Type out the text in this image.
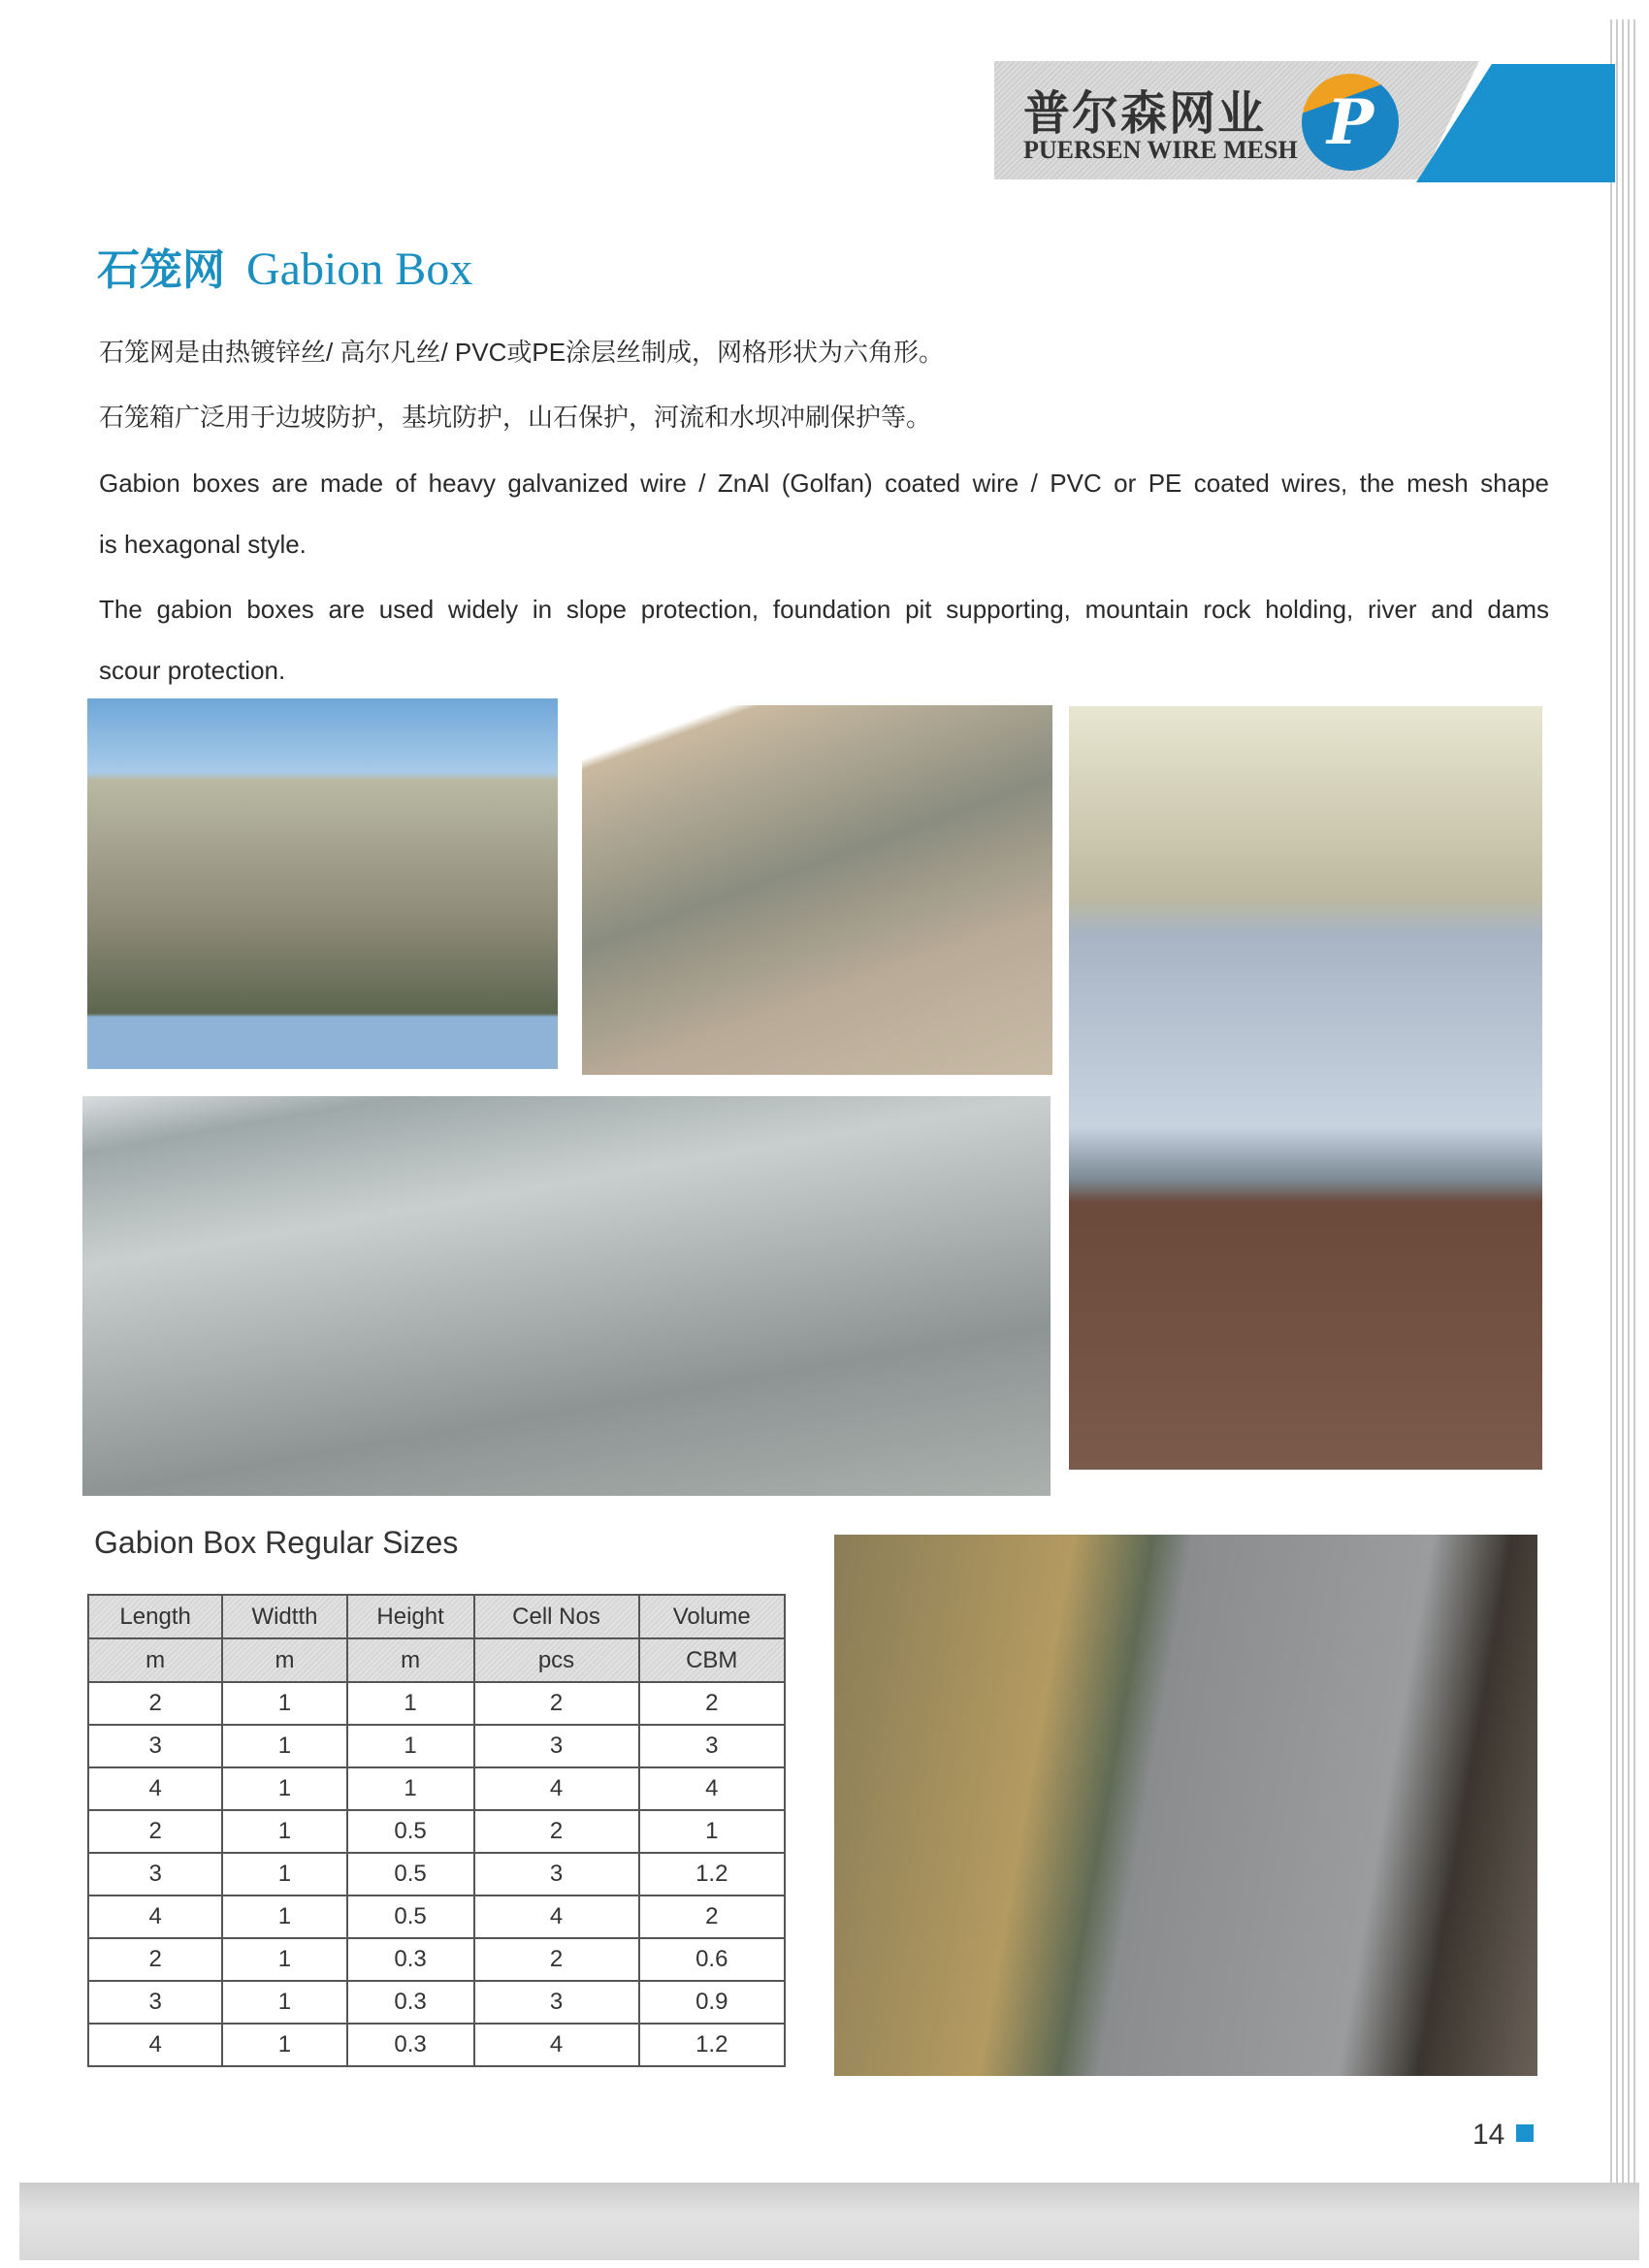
普尔森网业
PUERSEN WIRE MESH P
石笼网 Gabion Box
石笼网是由热镀锌丝/ 高尔凡丝/ PVC或PE涂层丝制成，网格形状为六角形。
石笼箱广泛用于边坡防护，基坑防护，山石保护，河流和水坝冲刷保护等。
Gabion boxes are made of heavy galvanized wire / ZnAl (Golfan) coated wire / PVC or PE coated wires, the mesh shape
is hexagonal style.
The gabion boxes are used widely in slope protection, foundation pit supporting, mountain rock holding, river and dams
scour protection.
Gabion Box Regular Sizes
Length	Widtth	Height	Cell Nos	Volume
m	m	m	pcs	CBM
2	1	1	2	2
3	1	1	3	3
4	1	1	4	4
2	1	0.5	2	1
3	1	0.5	3	1.2
4	1	0.5	4	2
2	1	0.3	2	0.6
3	1	0.3	3	0.9
4	1	0.3	4	1.2
14
